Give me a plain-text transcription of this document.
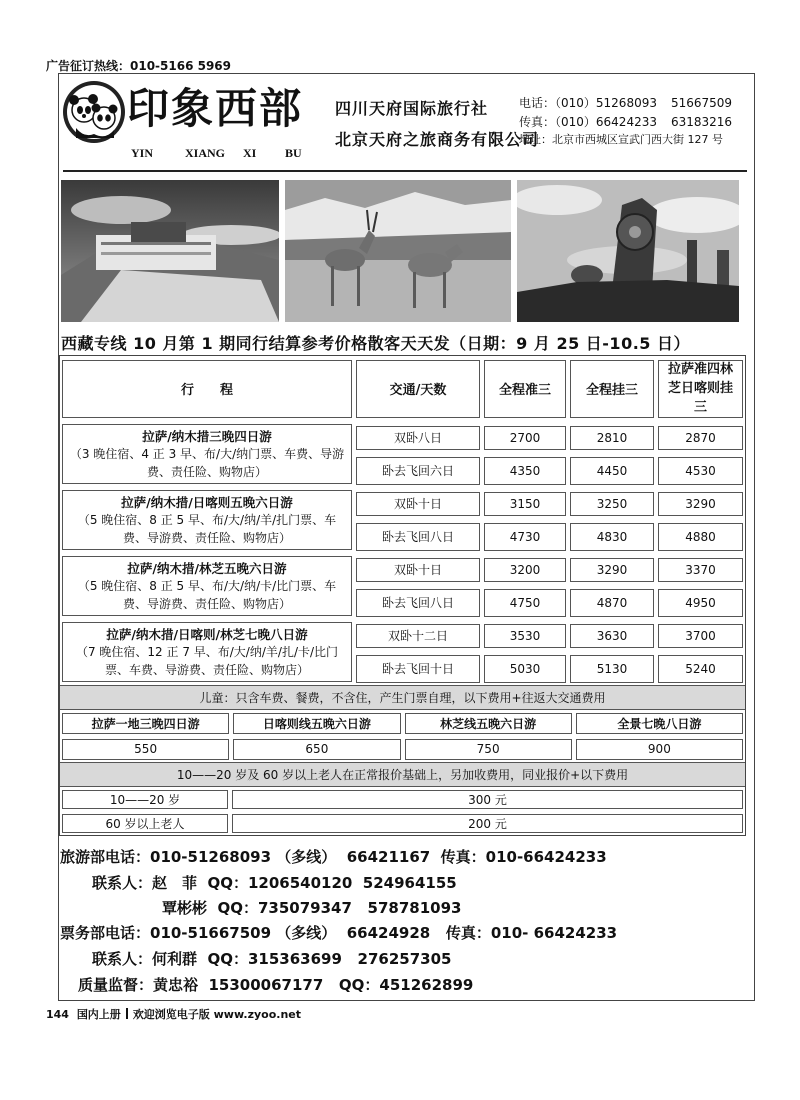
广告征订热线：010-5166 5969
印象西部
YIN	XIANG XI BU
四川天府国际旅行社
北京天府之旅商务有限公司
电话：（010）51268093 51667509
传真：（010）66424233 63183216
地址：北京市西城区宣武门西大街 127 号
西藏专线 10 月第 1 期同行结算参考价格散客天天发（日期：9 月 25 日-10.5 日）
行　　程	交通/天数	全程准三	全程挂三	拉萨准四林芝日喀则挂三

拉萨/纳木措三晚四日游
（3 晚住宿、4 正 3 早、布/大/纳门票、车费、导游费、责任险、购物店）	双卧八日	2700	2810	2870

卧去飞回六日	4350	4450	4530

拉萨/纳木措/日喀则五晚六日游
（5 晚住宿、8 正 5 早、布/大/纳/羊/扎门票、车费、导游费、责任险、购物店）	双卧十日	3150	3250	3290

卧去飞回八日	4730	4830	4880

拉萨/纳木措/林芝五晚六日游
（5 晚住宿、8 正 5 早、布/大/纳/卡/比门票、车费、导游费、责任险、购物店）	双卧十日	3200	3290	3370

卧去飞回八日	4750	4870	4950

拉萨/纳木措/日喀则/林芝七晚八日游
（7 晚住宿、12 正 7 早、布/大/纳/羊/扎/卡/比门票、车费、导游费、责任险、购物店）	双卧十二日	3530	3630	3700

卧去飞回十日	5030	5130	5240
儿童：只含车费、餐费，不含住，产生门票自理，以下费用+往返大交通费用
拉萨一地三晚四日游	日喀则线五晚六日游	林芝线五晚六日游	全景七晚八日游

550	650	750	900
10——20 岁及 60 岁以上老人在正常报价基础上，另加收费用，同业报价+以下费用
10——20 岁	300 元

60 岁以上老人	200 元
旅游部电话：010-51268093 （多线）  66421167  传真：010-66424233
联系人：赵　菲  QQ：1206540120  524964155
覃彬彬  QQ：735079347   578781093
票务部电话：010-51667509 （多线）  66424928   传真：010- 66424233
联系人：何利群  QQ：315363699   276257305
质量监督：黄忠裕  15300067177   QQ：451262899
144 国内上册 欢迎浏览电子版 www.zyoo.net
